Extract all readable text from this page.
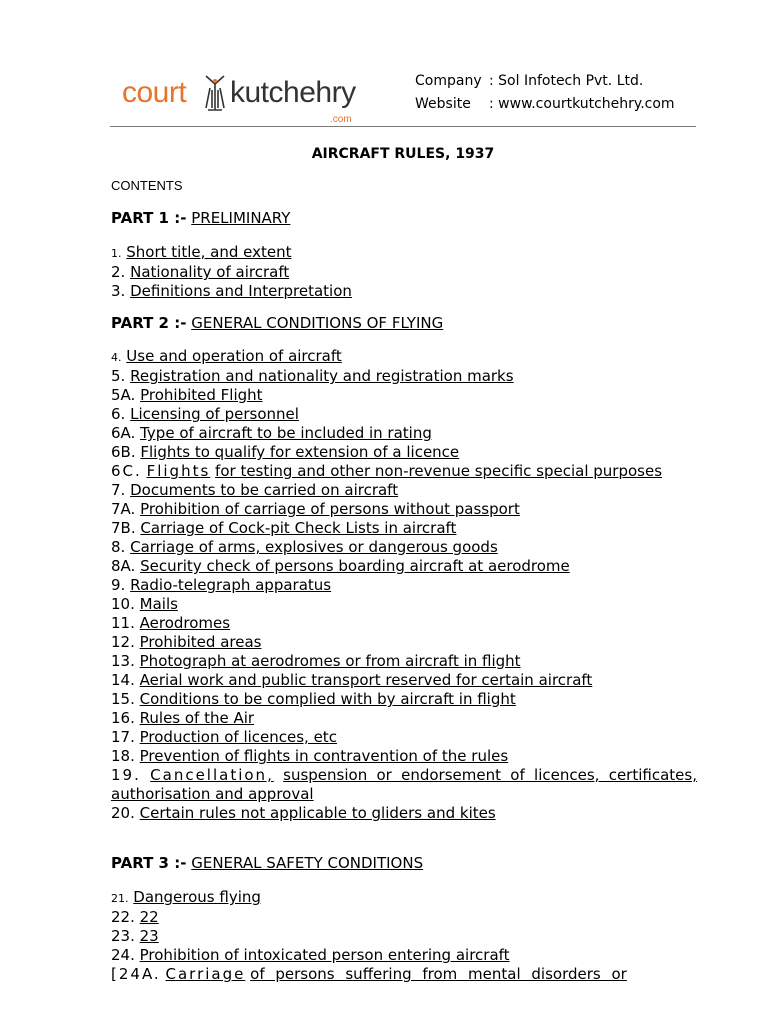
court kutchehry
.com
Company : Sol Infotech Pvt. Ltd.
Website	: www.courtkutchehry.com
AIRCRAFT RULES, 1937
CONTENTS
PART 1 :- PRELIMINARY
1. Short title, and extent
2. Nationality of aircraft
3. Definitions and Interpretation
PART 2 :- GENERAL CONDITIONS OF FLYING
4. Use and operation of aircraft
5. Registration and nationality and registration marks
5A. Prohibited Flight
6. Licensing of personnel
6A. Type of aircraft to be included in rating
6B. Flights to qualify for extension of a licence
6C. Flights for testing and other non-revenue specific special purposes
7. Documents to be carried on aircraft
7A. Prohibition of carriage of persons without passport
7B. Carriage of Cock-pit Check Lists in aircraft
8. Carriage of arms, explosives or dangerous goods
8A. Security check of persons boarding aircraft at aerodrome
9. Radio-telegraph apparatus
10. Mails
11. Aerodromes
12. Prohibited areas
13. Photograph at aerodromes or from aircraft in flight
14. Aerial work and public transport reserved for certain aircraft
15. Conditions to be complied with by aircraft in flight
16. Rules of the Air
17. Production of licences, etc
18. Prevention of flights in contravention of the rules
19. Cancellation, suspension or endorsement of licences, certificates, authorisation and approval
20. Certain rules not applicable to gliders and kites
PART 3 :- GENERAL SAFETY CONDITIONS
21. Dangerous flying
22. 22
23. 23
24. Prohibition of intoxicated person entering aircraft
[24A. Carriage of persons suffering from mental disorders or
